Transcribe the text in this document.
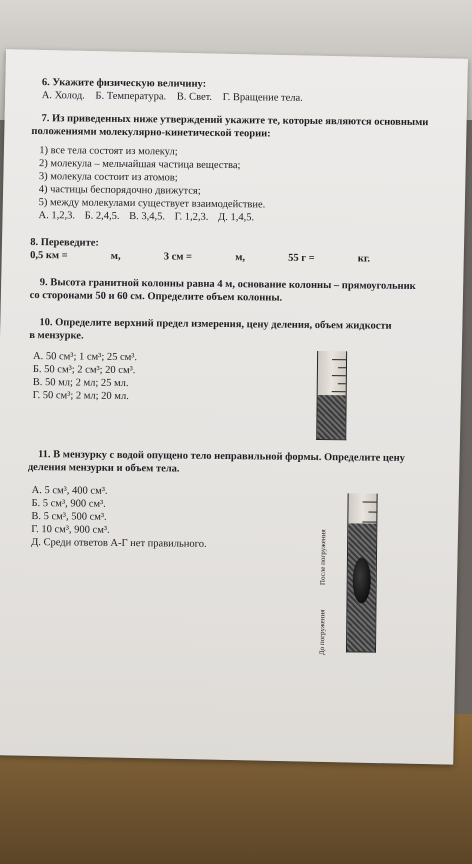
6. Укажите физическую величину:
А. Холод. Б. Температура. В. Свет. Г. Вращение тела.
7. Из приведенных ниже утверждений укажите те, которые являются основными положениями молекулярно-кинетической теории:
1) все тела состоят из молекул;
2) молекула – мельчайшая частица вещества;
3) молекула состоит из атомов;
4) частицы беспорядочно движутся;
5) между молекулами существует взаимодействие.
А. 1,2,3. Б. 2,4,5. В. 3,4,5. Г. 1,2,3. Д. 1,4,5.
8. Переведите:
0,5 км =	м,	3 см =	м,	55 г =	кг.
9. Высота гранитной колонны равна 4 м, основание колонны – прямоугольник со сторонами 50 и 60 см. Определите объем колонны.
10. Определите верхний предел измерения, цену деления, объем жидкости в мензурке.
А. 50 см³; 1 см³; 25 см³.
Б. 50 см³; 2 см³; 20 см³.
В. 50 мл; 2 мл; 25 мл.
Г. 50 см³; 2 мл; 20 мл.
11. В мензурку с водой опущено тело неправильной формы. Определите цену деления мензурки и объем тела.
А. 5 см³, 400 см³.
Б. 5 см³, 900 см³.
В. 5 см³, 500 см³.
Г. 10 см³, 900 см³.
Д. Среди ответов А-Г нет правильного.	После погружения
До погружения
